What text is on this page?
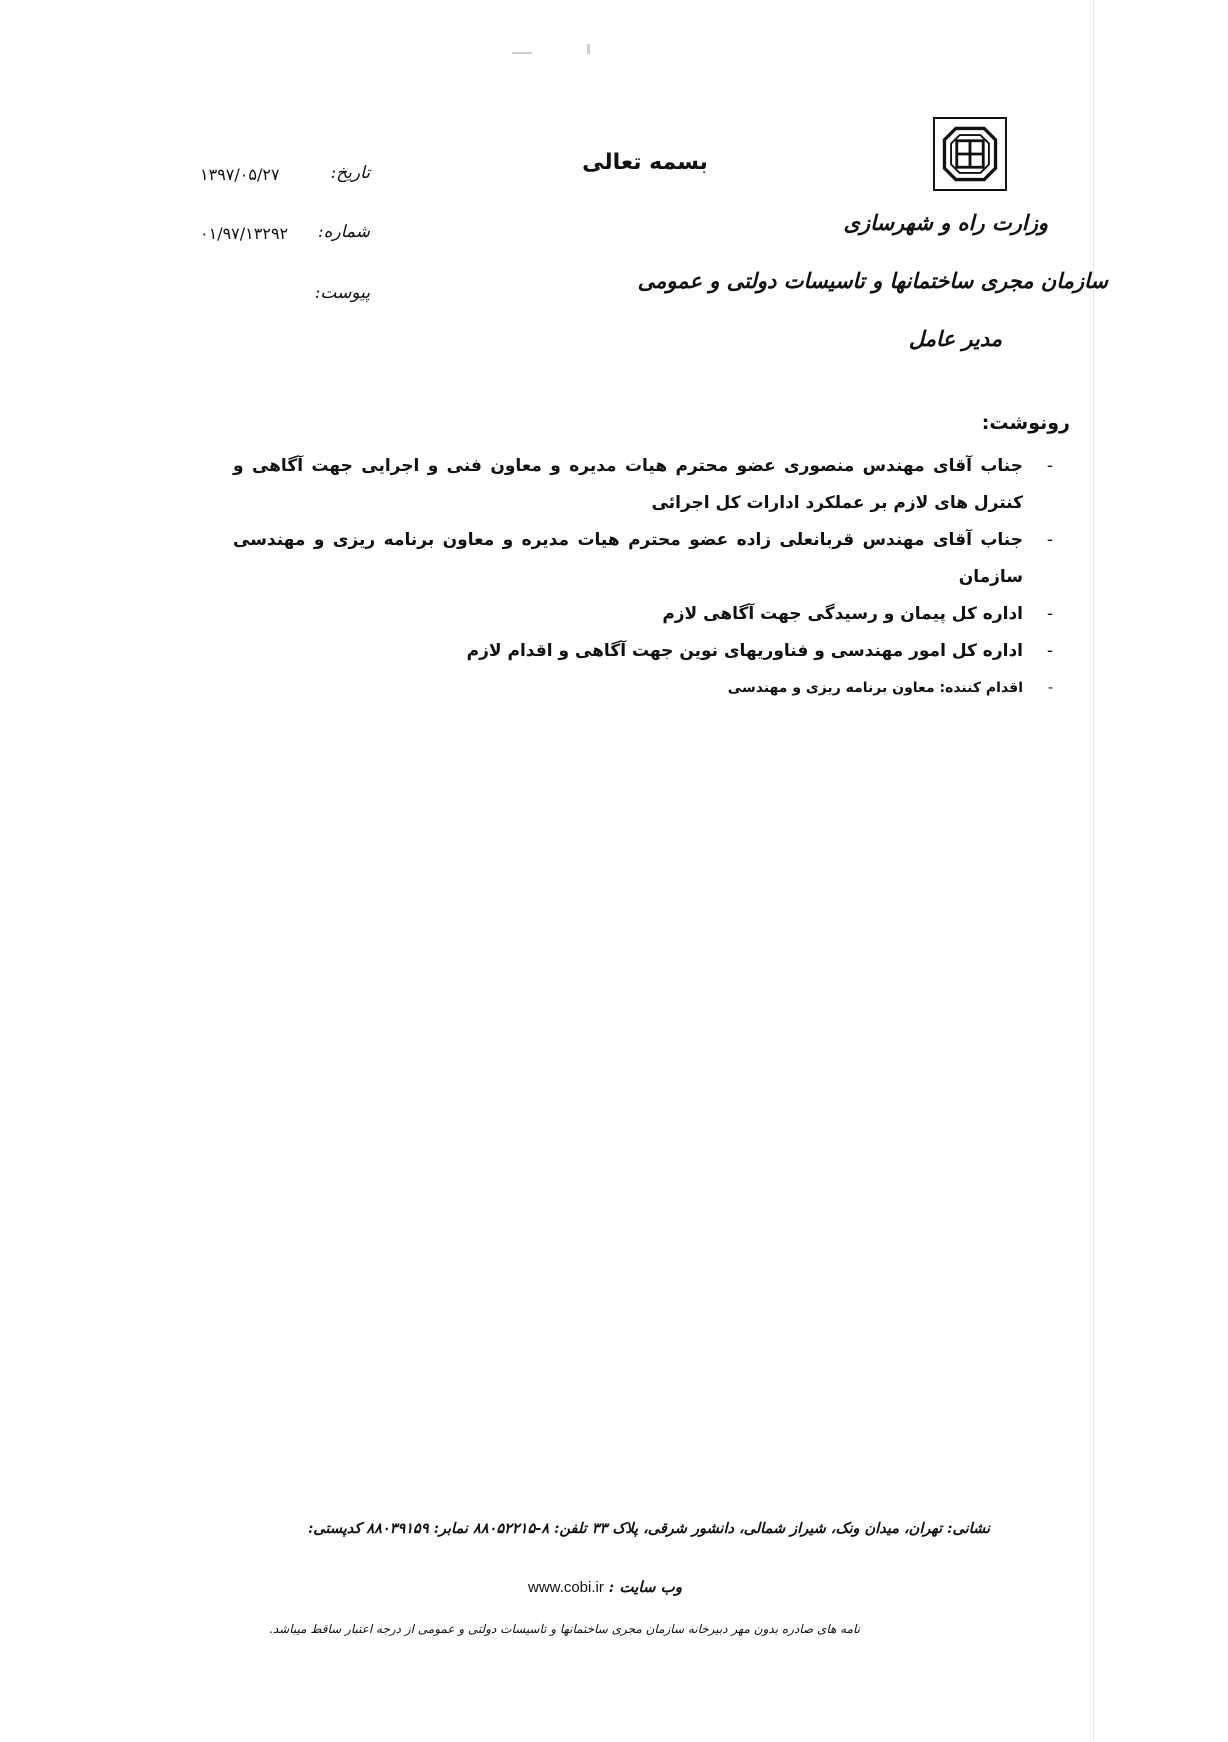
وزارت راه و شهرسازی
سازمان مجری ساختمانها و تاسیسات دولتی و عمومی
مدیر عامل
بسمه تعالی
تاریخ:
۱۳۹۷/۰۵/۲۷
شماره:
۰۱/۹۷/۱۳۲۹۲
پیوست:
رونوشت:
-
جناب آقای مهندس منصوری عضو محترم هیات مدیره و معاون فنی و اجرایی جهت آگاهی و کنترل های لازم بر عملکرد ادارات کل اجرائی
-
جناب آقای مهندس قربانعلی زاده عضو محترم هیات مدیره و معاون برنامه ریزی و مهندسی سازمان
-
اداره کل پیمان و رسیدگی جهت آگاهی لازم
-
اداره کل امور مهندسی و فناوریهای نوین جهت آگاهی و اقدام لازم
-
اقدام کننده: معاون برنامه ریزی و مهندسی
نشانی: تهران، میدان ونک، شیراز شمالی، دانشور شرقی، پلاک ۳۳ تلفن: ۸-۸۸۰۵۲۲۱۵ نمابر: ۸۸۰۳۹۱۵۹ کدپستی:
وب سایت : www.cobi.ir
نامه های صادره بدون مهر دبیرخانه سازمان مجری ساختمانها و تاسیسات دولتی و عمومی از درجه اعتبار ساقط میباشد.
